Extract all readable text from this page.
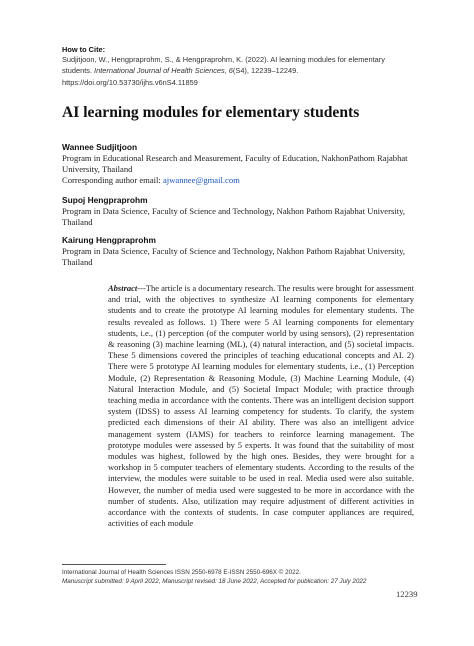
How to Cite:
Sudjitjoon, W., Hengpraprohm, S., & Hengpraprohm, K. (2022). AI learning modules for elementary students. International Journal of Health Sciences, 6(S4), 12239–12249.
https://doi.org/10.53730/ijhs.v6nS4.11859
AI learning modules for elementary students
Wannee Sudjitjoon
Program in Educational Research and Measurement, Faculty of Education, NakhonPathom Rajabhat University, Thailand
Corresponding author email: ajwannee@gmail.com
Supoj Hengpraprohm
Program in Data Science, Faculty of Science and Technology, Nakhon Pathom Rajabhat University, Thailand
Kairung Hengpraprohm
Program in Data Science, Faculty of Science and Technology, Nakhon Pathom Rajabhat University, Thailand
Abstract---The article is a documentary research. The results were brought for assessment and trial, with the objectives to synthesize AI learning components for elementary students and to create the prototype AI learning modules for elementary students. The results revealed as follows. 1) There were 5 AI learning components for elementary students, i.e., (1) perception (of the computer world by using sensors), (2) representation & reasoning (3) machine learning (ML), (4) natural interaction, and (5) societal impacts. These 5 dimensions covered the principles of teaching educational concepts and AI. 2) There were 5 prototype AI learning modules for elementary students, i.e., (1) Perception Module, (2) Representation & Reasoning Module, (3) Machine Learning Module, (4) Natural Interaction Module, and (5) Societal Impact Module; with practice through teaching media in accordance with the contents. There was an intelligent decision support system (IDSS) to assess AI learning competency for students. To clarify, the system predicted each dimensions of their AI ability. There was also an intelligent advice management system (IAMS) for teachers to reinforce learning management. The prototype modules were assessed by 5 experts. It was found that the suitability of most modules was highest, followed by the high ones. Besides, they were brought for a workshop in 5 computer teachers of elementary students. According to the results of the interview, the modules were suitable to be used in real. Media used were also suitable. However, the number of media used were suggested to be more in accordance with the number of students. Also, utilization may require adjustment of different activities in accordance with the contexts of students. In case computer appliances are required, activities of each module
International Journal of Health Sciences ISSN 2550-6978 E-ISSN 2550-696X © 2022.
Manuscript submitted: 9 April 2022, Manuscript revised: 18 June 2022, Accepted for publication: 27 July 2022
12239
